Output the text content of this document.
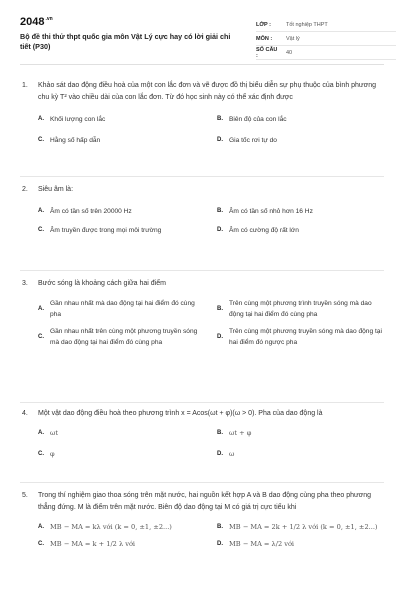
$2048^{.vn}$
Bộ đề thi thử thpt quốc gia môn Vật Lý cực hay có lời giải chi tiết (P30)
LỚP :	Tốt nghiệp THPT
MÔN :	Vật lý
SỐ CÂU :	40
1.	Khảo sát dao động điều hoà của một con lắc đơn và vẽ được đồ thị biểu diễn sự phụ thuộc của bình phương chu kỳ T² vào chiều dài của con lắc đơn. Từ đó học sinh này có thể xác định được
A. Khối lượng con lắc	B. Biên độ của con lắc
C. Hằng số hấp dẫn	D. Gia tốc rơi tự do
2.	Siêu âm là:
A. Âm có tần số trên 20000 Hz	B. Âm có tần số nhỏ hơn 16 Hz
C. Âm truyền được trong mọi môi trường	D. Âm có cường độ rất lớn
3.	Bước sóng là khoảng cách giữa hai điểm
A.
Gần nhau nhất mà dao động tại hai điểm đó cùng pha
B.
Trên cùng một phương trình truyền sóng mà dao động tại hai điểm đó cùng pha
C.
Gần nhau nhất trên cùng một phương truyền sóng mà dao động tại hai điểm đó cùng pha
D.
Trên cùng một phương truyền sóng mà dao động tại hai điểm đó ngược pha
4.	Một vật dao động điều hoà theo phương trình x = Acos(ωt + φ)(ω > 0). Pha của dao động là
A. ωt	B. ωt + φ
C. φ	D. ω
5.	Trong thí nghiệm giao thoa sóng trên mặt nước, hai nguồn kết hợp A và B dao động cùng pha theo phương thẳng đứng. M là điểm trên mặt nước. Biên độ dao động tại M có giá trị cực tiểu khi
A. MB − MA = kλ với (k = 0, ±1, ±2...)	B. MB − MA = 2k + 1/2 λ với (k = 0, ±1, ±2...)
C. MB − MA = k + 1/2 λ với	D. MB − MA = λ/2 với
